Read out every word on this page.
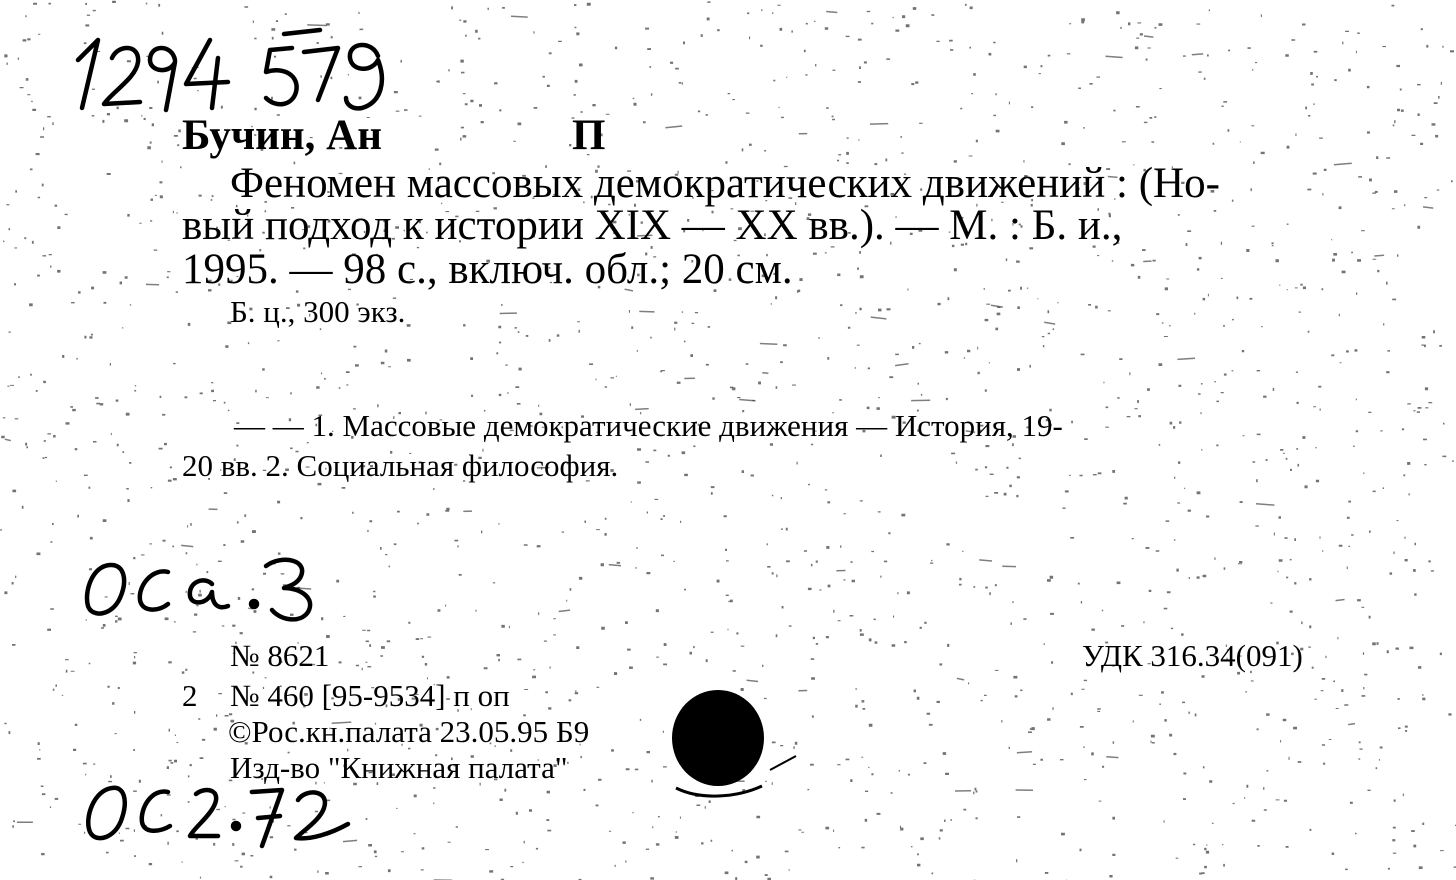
Бучин, Ан	П

Феномен массовых демократических движений : (Но-

вый подход к истории XIX — XX вв.). — М. : Б. и.,

1995. — 98 с., включ. обл.; 20 см.

Б. ц., 300 экз.

— — 1. Массовые демократические движения — История, 19-

20 вв. 2. Социальная философия.

№ 8621	УДК 316.34(091)

2 № 460 [95-9534] п оп

©Рос.кн.палата 23.05.95 Б9

Изд-во "Книжная палата"
